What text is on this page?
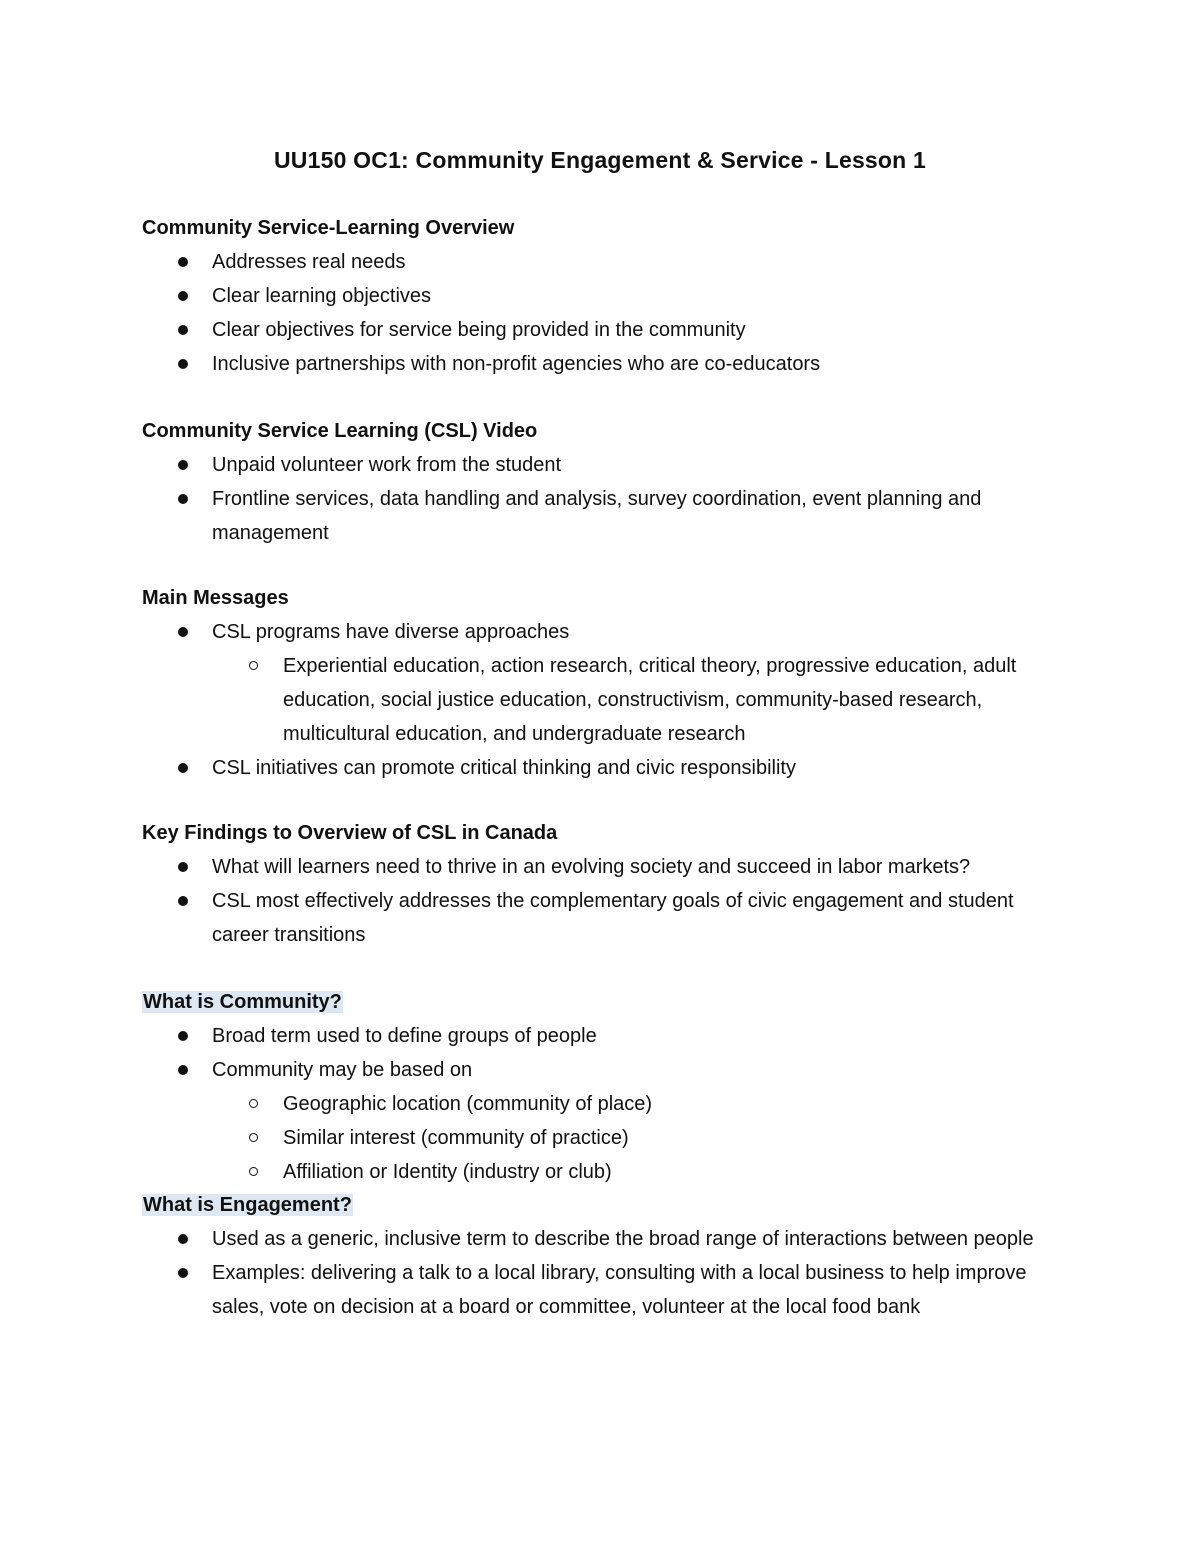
UU150 OC1: Community Engagement & Service - Lesson 1
Community Service-Learning Overview
Addresses real needs
Clear learning objectives
Clear objectives for service being provided in the community
Inclusive partnerships with non-profit agencies who are co-educators
Community Service Learning (CSL) Video
Unpaid volunteer work from the student
Frontline services, data handling and analysis, survey coordination, event planning and management
Main Messages
CSL programs have diverse approaches
Experiential education, action research, critical theory, progressive education, adult education, social justice education, constructivism, community-based research, multicultural education, and undergraduate research
CSL initiatives can promote critical thinking and civic responsibility
Key Findings to Overview of CSL in Canada
What will learners need to thrive in an evolving society and succeed in labor markets?
CSL most effectively addresses the complementary goals of civic engagement and student career transitions
What is Community?
Broad term used to define groups of people
Community may be based on
Geographic location (community of place)
Similar interest (community of practice)
Affiliation or Identity (industry or club)
What is Engagement?
Used as a generic, inclusive term to describe the broad range of interactions between people
Examples: delivering a talk to a local library, consulting with a local business to help improve sales, vote on decision at a board or committee, volunteer at the local food bank
